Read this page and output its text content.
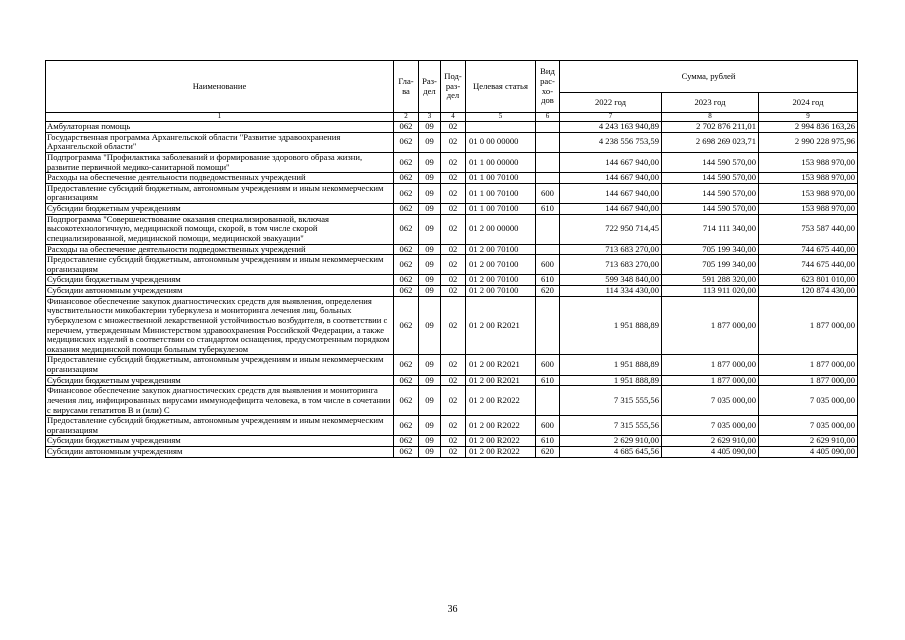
Наименование	Гла-ва	Раз-дел	Под-раз-дел	Целевая статья	Вид рас-хо-дов	Сумма, рублей		
						2022 год	2023 год	2024 год
1	2	3	4	5	6	7	8	9
Амбулаторная помощь	062	09	02			4 243 163 940,89	2 702 876 211,01	2 994 836 163,26
Государственная программа Архангельской области "Развитие здравоохранения Архангельской области"	062	09	02	01 0 00 00000		4 238 556 753,59	2 698 269 023,71	2 990 228 975,96
Подпрограмма "Профилактика заболеваний и формирование здорового образа жизни, развитие первичной медико-санитарной помощи"	062	09	02	01 1 00 00000		144 667 940,00	144 590 570,00	153 988 970,00
Расходы на обеспечение деятельности подведомственных учреждений	062	09	02	01 1 00 70100		144 667 940,00	144 590 570,00	153 988 970,00
Предоставление субсидий бюджетным, автономным учреждениям и иным некоммерческим организациям	062	09	02	01 1 00 70100	600	144 667 940,00	144 590 570,00	153 988 970,00
Субсидии бюджетным учреждениям	062	09	02	01 1 00 70100	610	144 667 940,00	144 590 570,00	153 988 970,00
Подпрограмма "Совершенствование оказания специализированной, включая высокотехнологичную, медицинской помощи, скорой, в том числе скорой специализированной, медицинской помощи, медицинской эвакуации"	062	09	02	01 2 00 00000		722 950 714,45	714 111 340,00	753 587 440,00
Расходы на обеспечение деятельности подведомственных учреждений	062	09	02	01 2 00 70100		713 683 270,00	705 199 340,00	744 675 440,00
Предоставление субсидий бюджетным, автономным учреждениям и иным некоммерческим организациям	062	09	02	01 2 00 70100	600	713 683 270,00	705 199 340,00	744 675 440,00
Субсидии бюджетным учреждениям	062	09	02	01 2 00 70100	610	599 348 840,00	591 288 320,00	623 801 010,00
Субсидии автономным учреждениям	062	09	02	01 2 00 70100	620	114 334 430,00	113 911 020,00	120 874 430,00
Финансовое обеспечение закупок диагностических средств для выявления, определения чувствительности микобактерии туберкулеза и мониторинга лечения лиц, больных туберкулезом с множественной лекарственной устойчивостью возбудителя, в соответствии с перечнем, утвержденным Министерством здравоохранения Российской Федерации, а также медицинских изделий в соответствии со стандартом оснащения, предусмотренным порядком оказания медицинской помощи больным туберкулезом	062	09	02	01 2 00 R2021		1 951 888,89	1 877 000,00	1 877 000,00
Предоставление субсидий бюджетным, автономным учреждениям и иным некоммерческим организациям	062	09	02	01 2 00 R2021	600	1 951 888,89	1 877 000,00	1 877 000,00
Субсидии бюджетным учреждениям	062	09	02	01 2 00 R2021	610	1 951 888,89	1 877 000,00	1 877 000,00
Финансовое обеспечение закупок диагностических средств для выявления и мониторинга лечения лиц, инфицированных вирусами иммунодефицита человека, в том числе в сочетании с вирусами гепатитов В и (или) С	062	09	02	01 2 00 R2022		7 315 555,56	7 035 000,00	7 035 000,00
Предоставление субсидий бюджетным, автономным учреждениям и иным некоммерческим организациям	062	09	02	01 2 00 R2022	600	7 315 555,56	7 035 000,00	7 035 000,00
Субсидии бюджетным учреждениям	062	09	02	01 2 00 R2022	610	2 629 910,00	2 629 910,00	2 629 910,00
Субсидии автономным учреждениям	062	09	02	01 2 00 R2022	620	4 685 645,56	4 405 090,00	4 405 090,00
36
